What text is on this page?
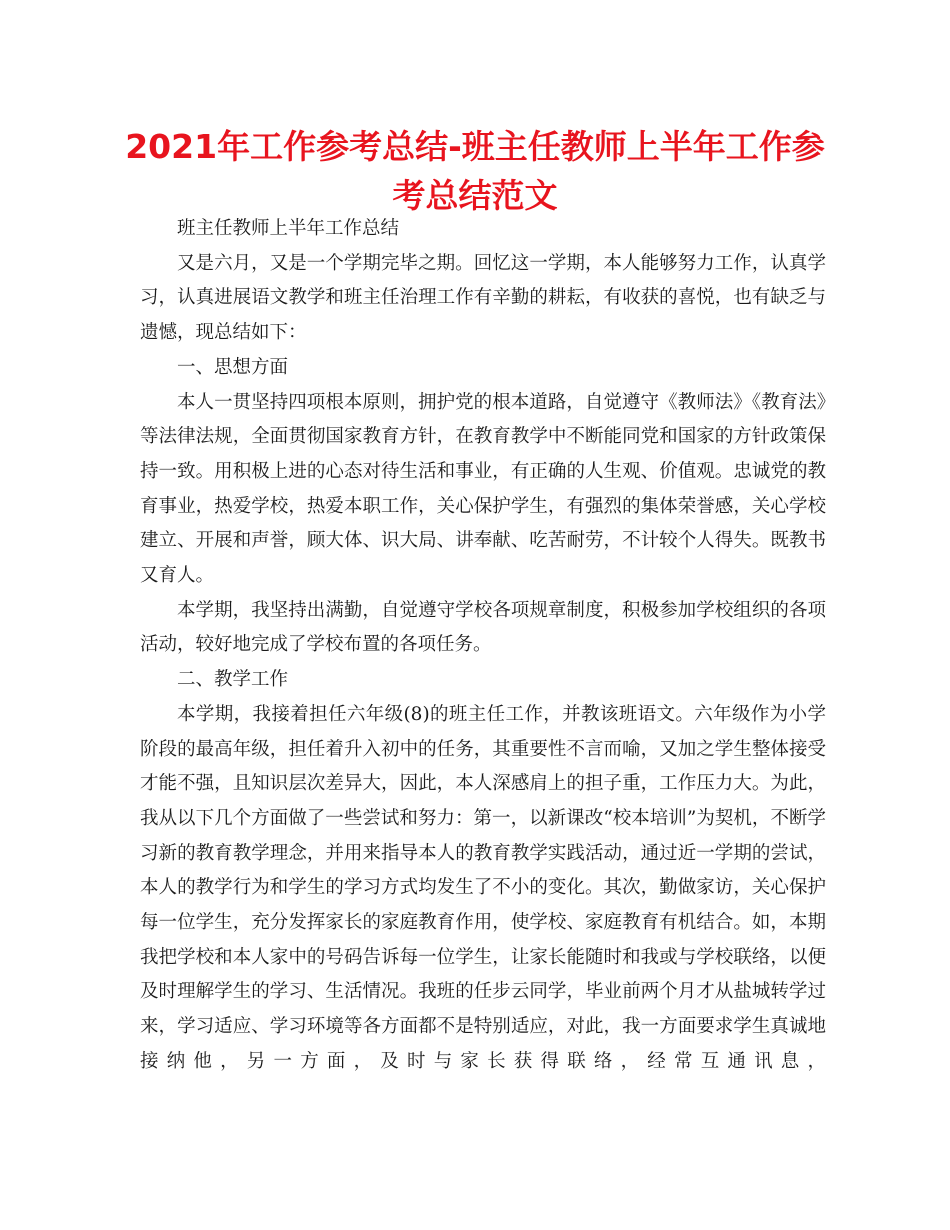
2021年工作参考总结-班主任教师上半年工作参考总结范文

班主任教师上半年工作总结

又是六月，又是一个学期完毕之期。回忆这一学期，本人能够努力工作，认真学习，认真进展语文教学和班主任治理工作有辛勤的耕耘，有收获的喜悦，也有缺乏与遗憾，现总结如下：

一、思想方面

本人一贯坚持四项根本原则，拥护党的根本道路，自觉遵守《教师法》《教育法》等法律法规，全面贯彻国家教育方针，在教育教学中不断能同党和国家的方针政策保持一致。用积极上进的心态对待生活和事业，有正确的人生观、价值观。忠诚党的教育事业，热爱学校，热爱本职工作，关心保护学生，有强烈的集体荣誉感，关心学校建立、开展和声誉，顾大体、识大局、讲奉献、吃苦耐劳，不计较个人得失。既教书又育人。

本学期，我坚持出满勤，自觉遵守学校各项规章制度，积极参加学校组织的各项活动，较好地完成了学校布置的各项任务。

二、教学工作

本学期，我接着担任六年级(8)的班主任工作，并教该班语文。六年级作为小学阶段的最高年级，担任着升入初中的任务，其重要性不言而喻，又加之学生整体接受才能不强，且知识层次差异大，因此，本人深感肩上的担子重，工作压力大。为此，我从以下几个方面做了一些尝试和努力：第一，以新课改“校本培训”为契机，不断学习新的教育教学理念，并用来指导本人的教育教学实践活动，通过近一学期的尝试，本人的教学行为和学生的学习方式均发生了不小的变化。其次，勤做家访，关心保护每一位学生，充分发挥家长的家庭教育作用，使学校、家庭教育有机结合。如，本期我把学校和本人家中的号码告诉每一位学生，让家长能随时和我或与学校联络，以便及时理解学生的学习、生活情况。我班的任步云同学，毕业前两个月才从盐城转学过来，学习适应、学习环境等各方面都不是特别适应，对此，我一方面要求学生真诚地接纳他，另一方面，及时与家长获得联络，经常互通讯息，
